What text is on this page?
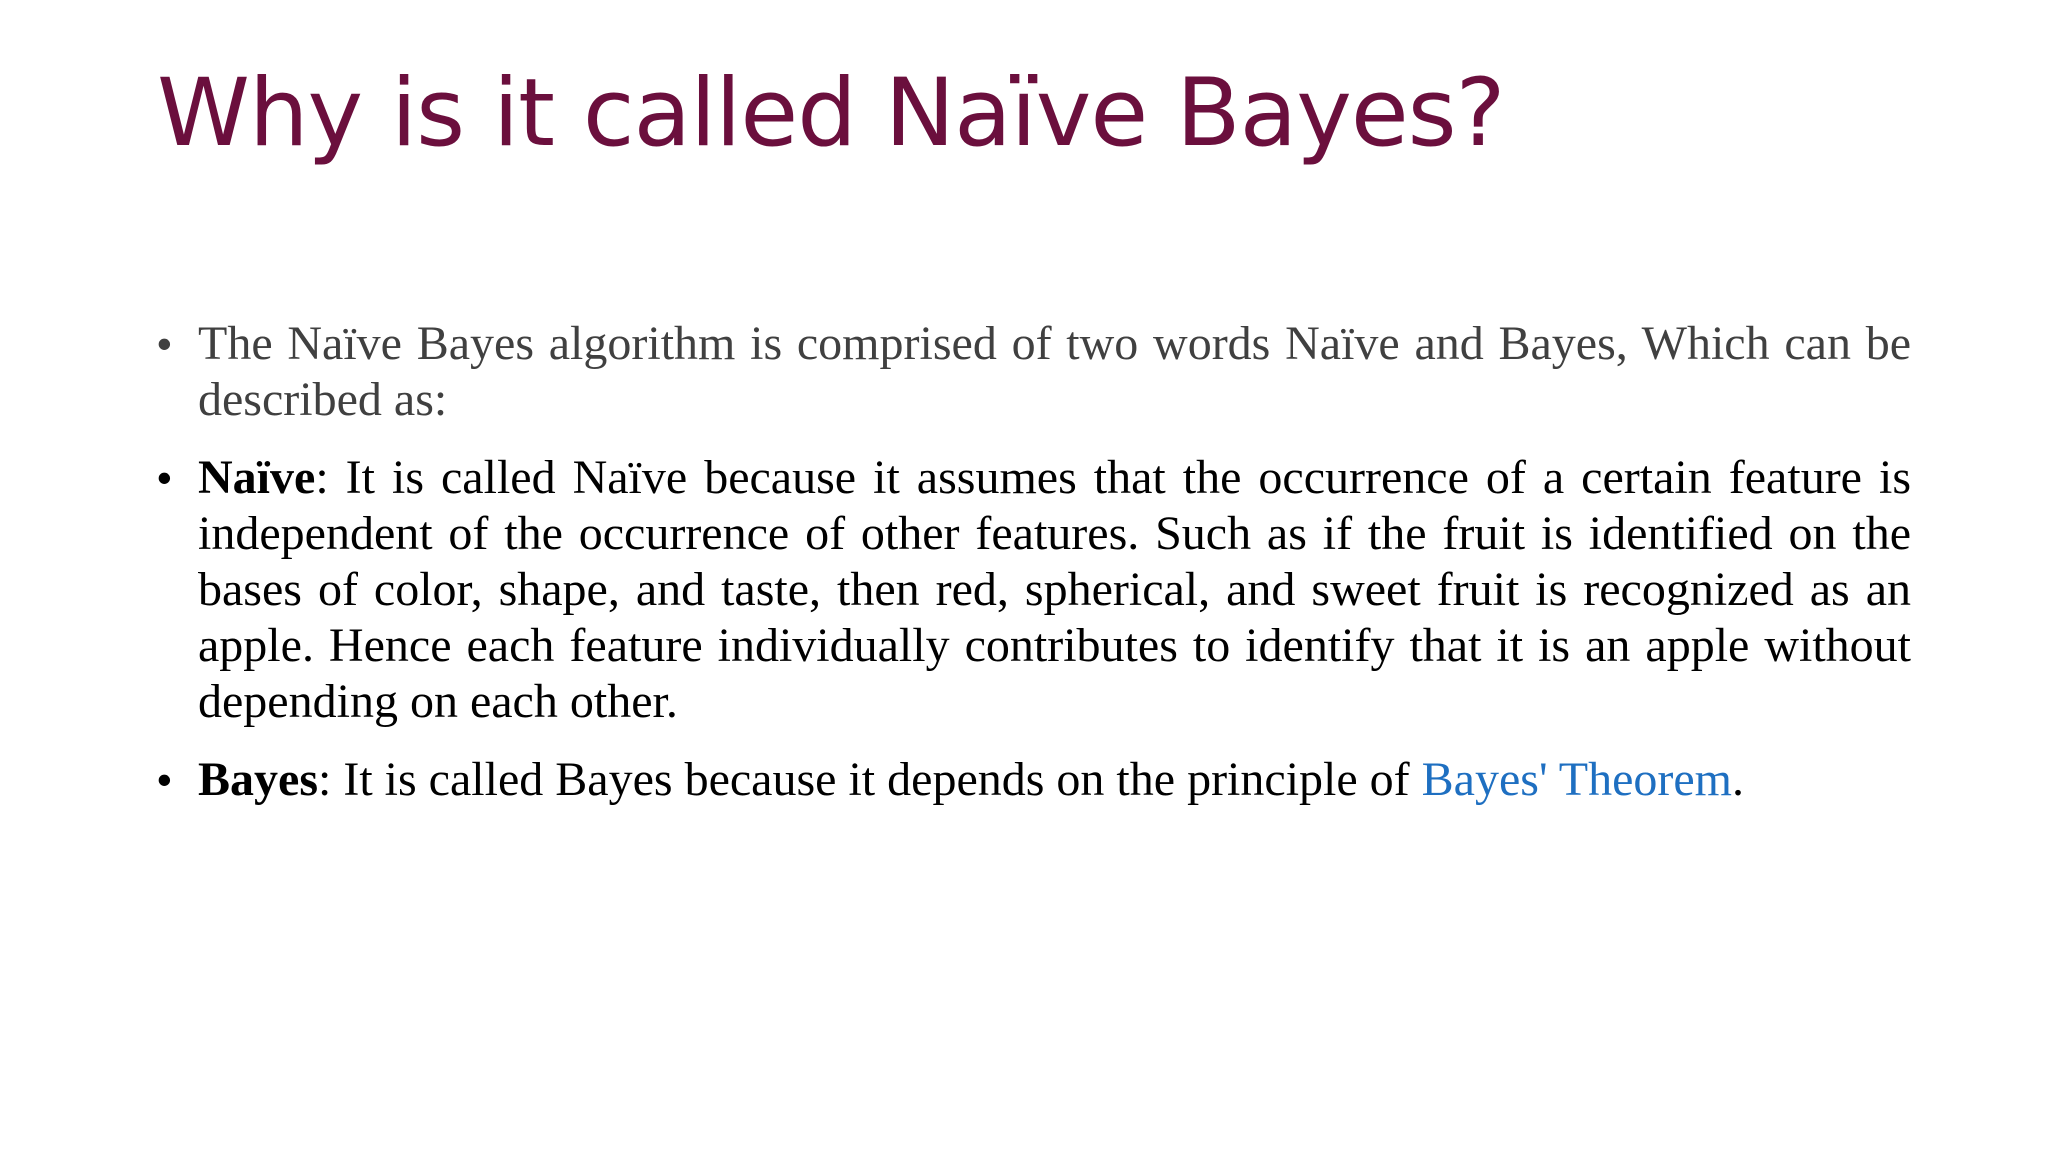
Why is it called Naïve Bayes?
• The Naïve Bayes algorithm is comprised of two words Naïve and Bayes, Which can be described as:
• Naïve: It is called Naïve because it assumes that the occurrence of a certain feature is independent of the occurrence of other features. Such as if the fruit is identified on the bases of color, shape, and taste, then red, spherical, and sweet fruit is recognized as an apple. Hence each feature individually contributes to identify that it is an apple without depending on each other.
• Bayes: It is called Bayes because it depends on the principle of Bayes' Theorem.
